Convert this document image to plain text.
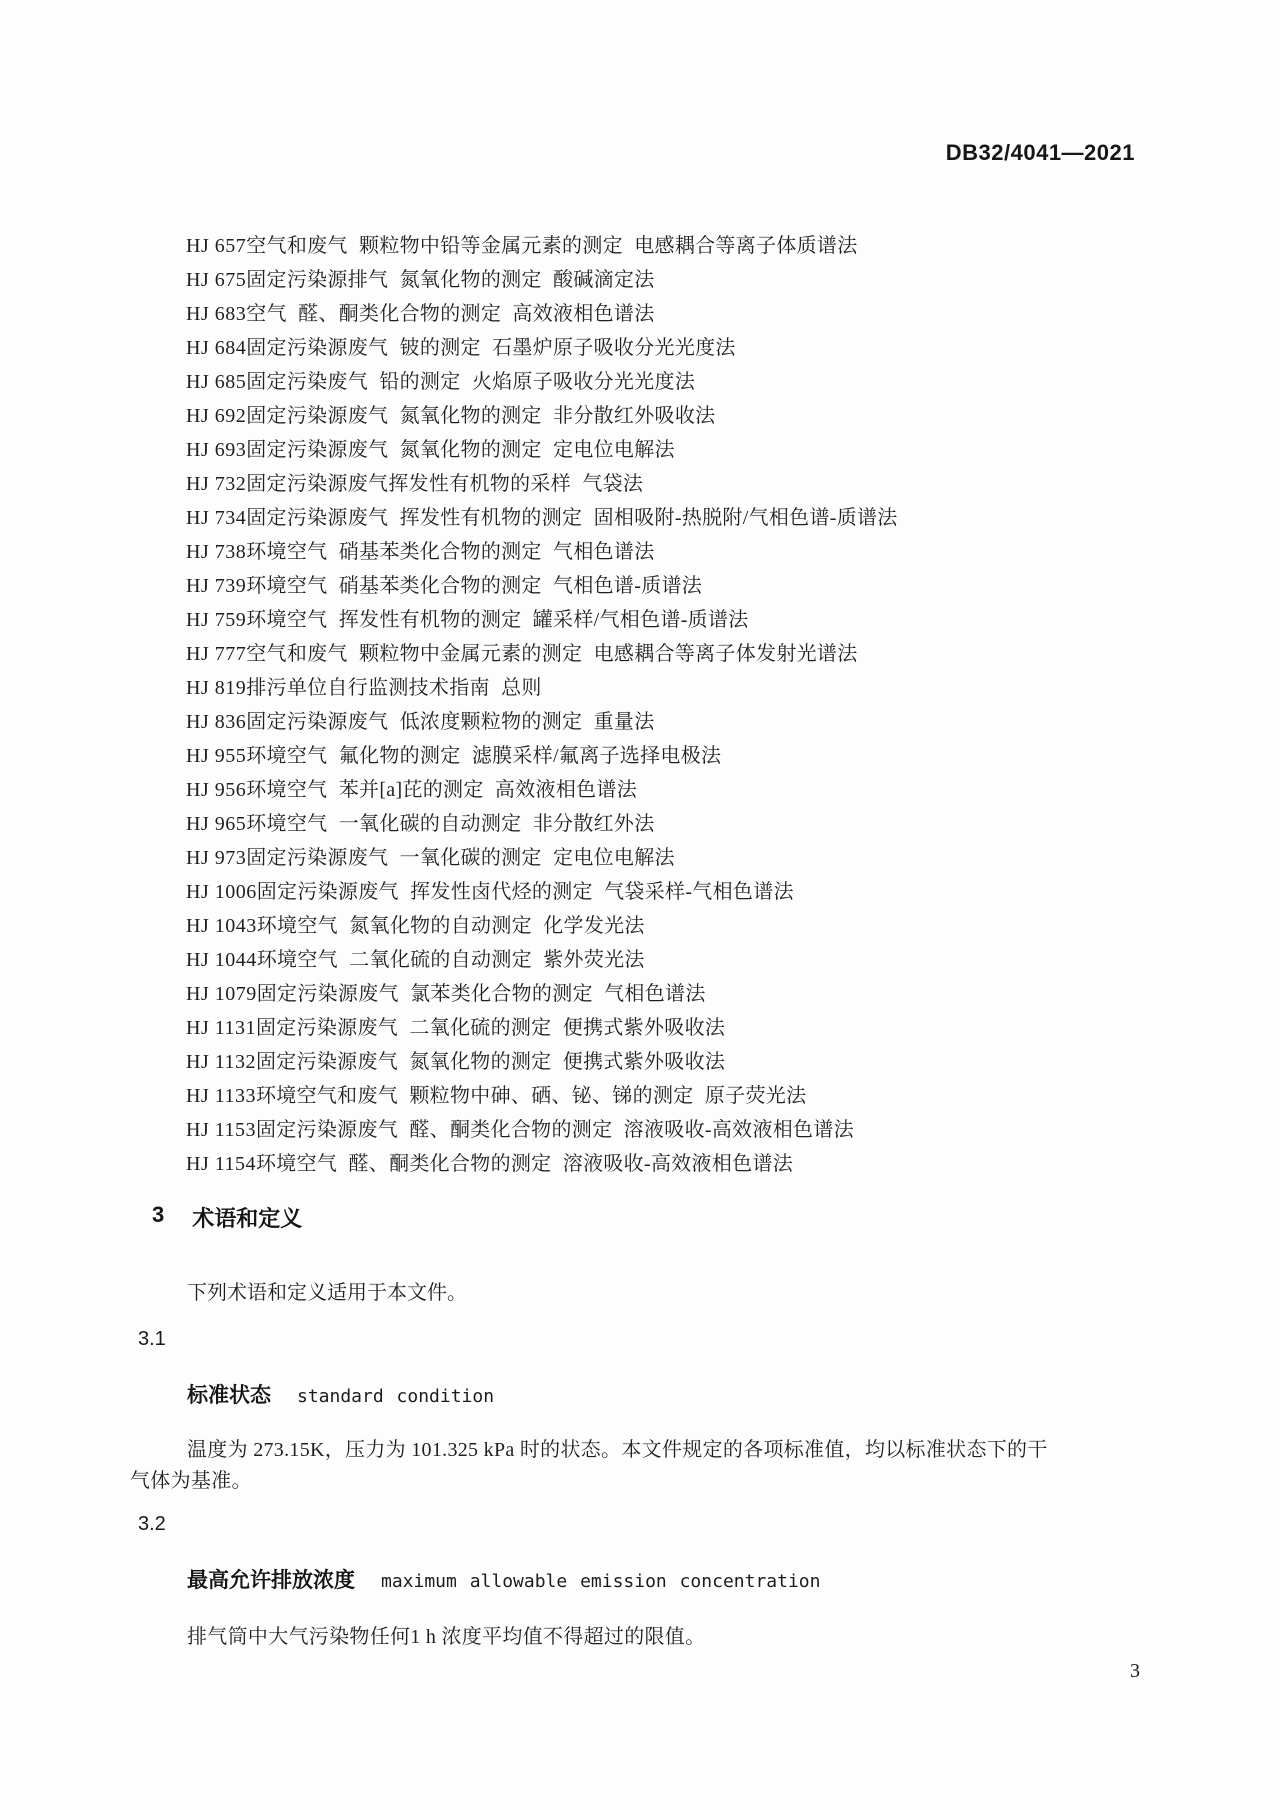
DB32/4041—2021
HJ 657 空气和废气 颗粒物中铅等金属元素的测定 电感耦合等离子体质谱法
HJ 675 固定污染源排气 氮氧化物的测定 酸碱滴定法
HJ 683 空气 醛、酮类化合物的测定 高效液相色谱法
HJ 684 固定污染源废气 铍的测定 石墨炉原子吸收分光光度法
HJ 685 固定污染废气 铅的测定 火焰原子吸收分光光度法
HJ 692 固定污染源废气 氮氧化物的测定 非分散红外吸收法
HJ 693 固定污染源废气 氮氧化物的测定 定电位电解法
HJ 732 固定污染源废气挥发性有机物的采样 气袋法
HJ 734 固定污染源废气 挥发性有机物的测定 固相吸附-热脱附/气相色谱-质谱法
HJ 738 环境空气 硝基苯类化合物的测定 气相色谱法
HJ 739 环境空气 硝基苯类化合物的测定 气相色谱-质谱法
HJ 759 环境空气 挥发性有机物的测定 罐采样/气相色谱-质谱法
HJ 777 空气和废气 颗粒物中金属元素的测定 电感耦合等离子体发射光谱法
HJ 819 排污单位自行监测技术指南 总则
HJ 836 固定污染源废气 低浓度颗粒物的测定 重量法
HJ 955 环境空气 氟化物的测定 滤膜采样/氟离子选择电极法
HJ 956 环境空气 苯并[a]芘的测定 高效液相色谱法
HJ 965 环境空气 一氧化碳的自动测定 非分散红外法
HJ 973 固定污染源废气 一氧化碳的测定 定电位电解法
HJ 1006 固定污染源废气 挥发性卤代烃的测定 气袋采样-气相色谱法
HJ 1043 环境空气 氮氧化物的自动测定 化学发光法
HJ 1044 环境空气 二氧化硫的自动测定 紫外荧光法
HJ 1079 固定污染源废气 氯苯类化合物的测定 气相色谱法
HJ 1131 固定污染源废气 二氧化硫的测定 便携式紫外吸收法
HJ 1132 固定污染源废气 氮氧化物的测定 便携式紫外吸收法
HJ 1133 环境空气和废气 颗粒物中砷、硒、铋、锑的测定 原子荧光法
HJ 1153 固定污染源废气 醛、酮类化合物的测定 溶液吸收-高效液相色谱法
HJ 1154 环境空气 醛、酮类化合物的测定 溶液吸收-高效液相色谱法
3 术语和定义
下列术语和定义适用于本文件。
3.1
标准状态 standard condition
温度为 273.15K，压力为 101.325 kPa 时的状态。本文件规定的各项标准值，均以标准状态下的干
气体为基准。
3.2
最高允许排放浓度 maximum allowable emission concentration
排气筒中大气污染物任何1 h 浓度平均值不得超过的限值。
3
